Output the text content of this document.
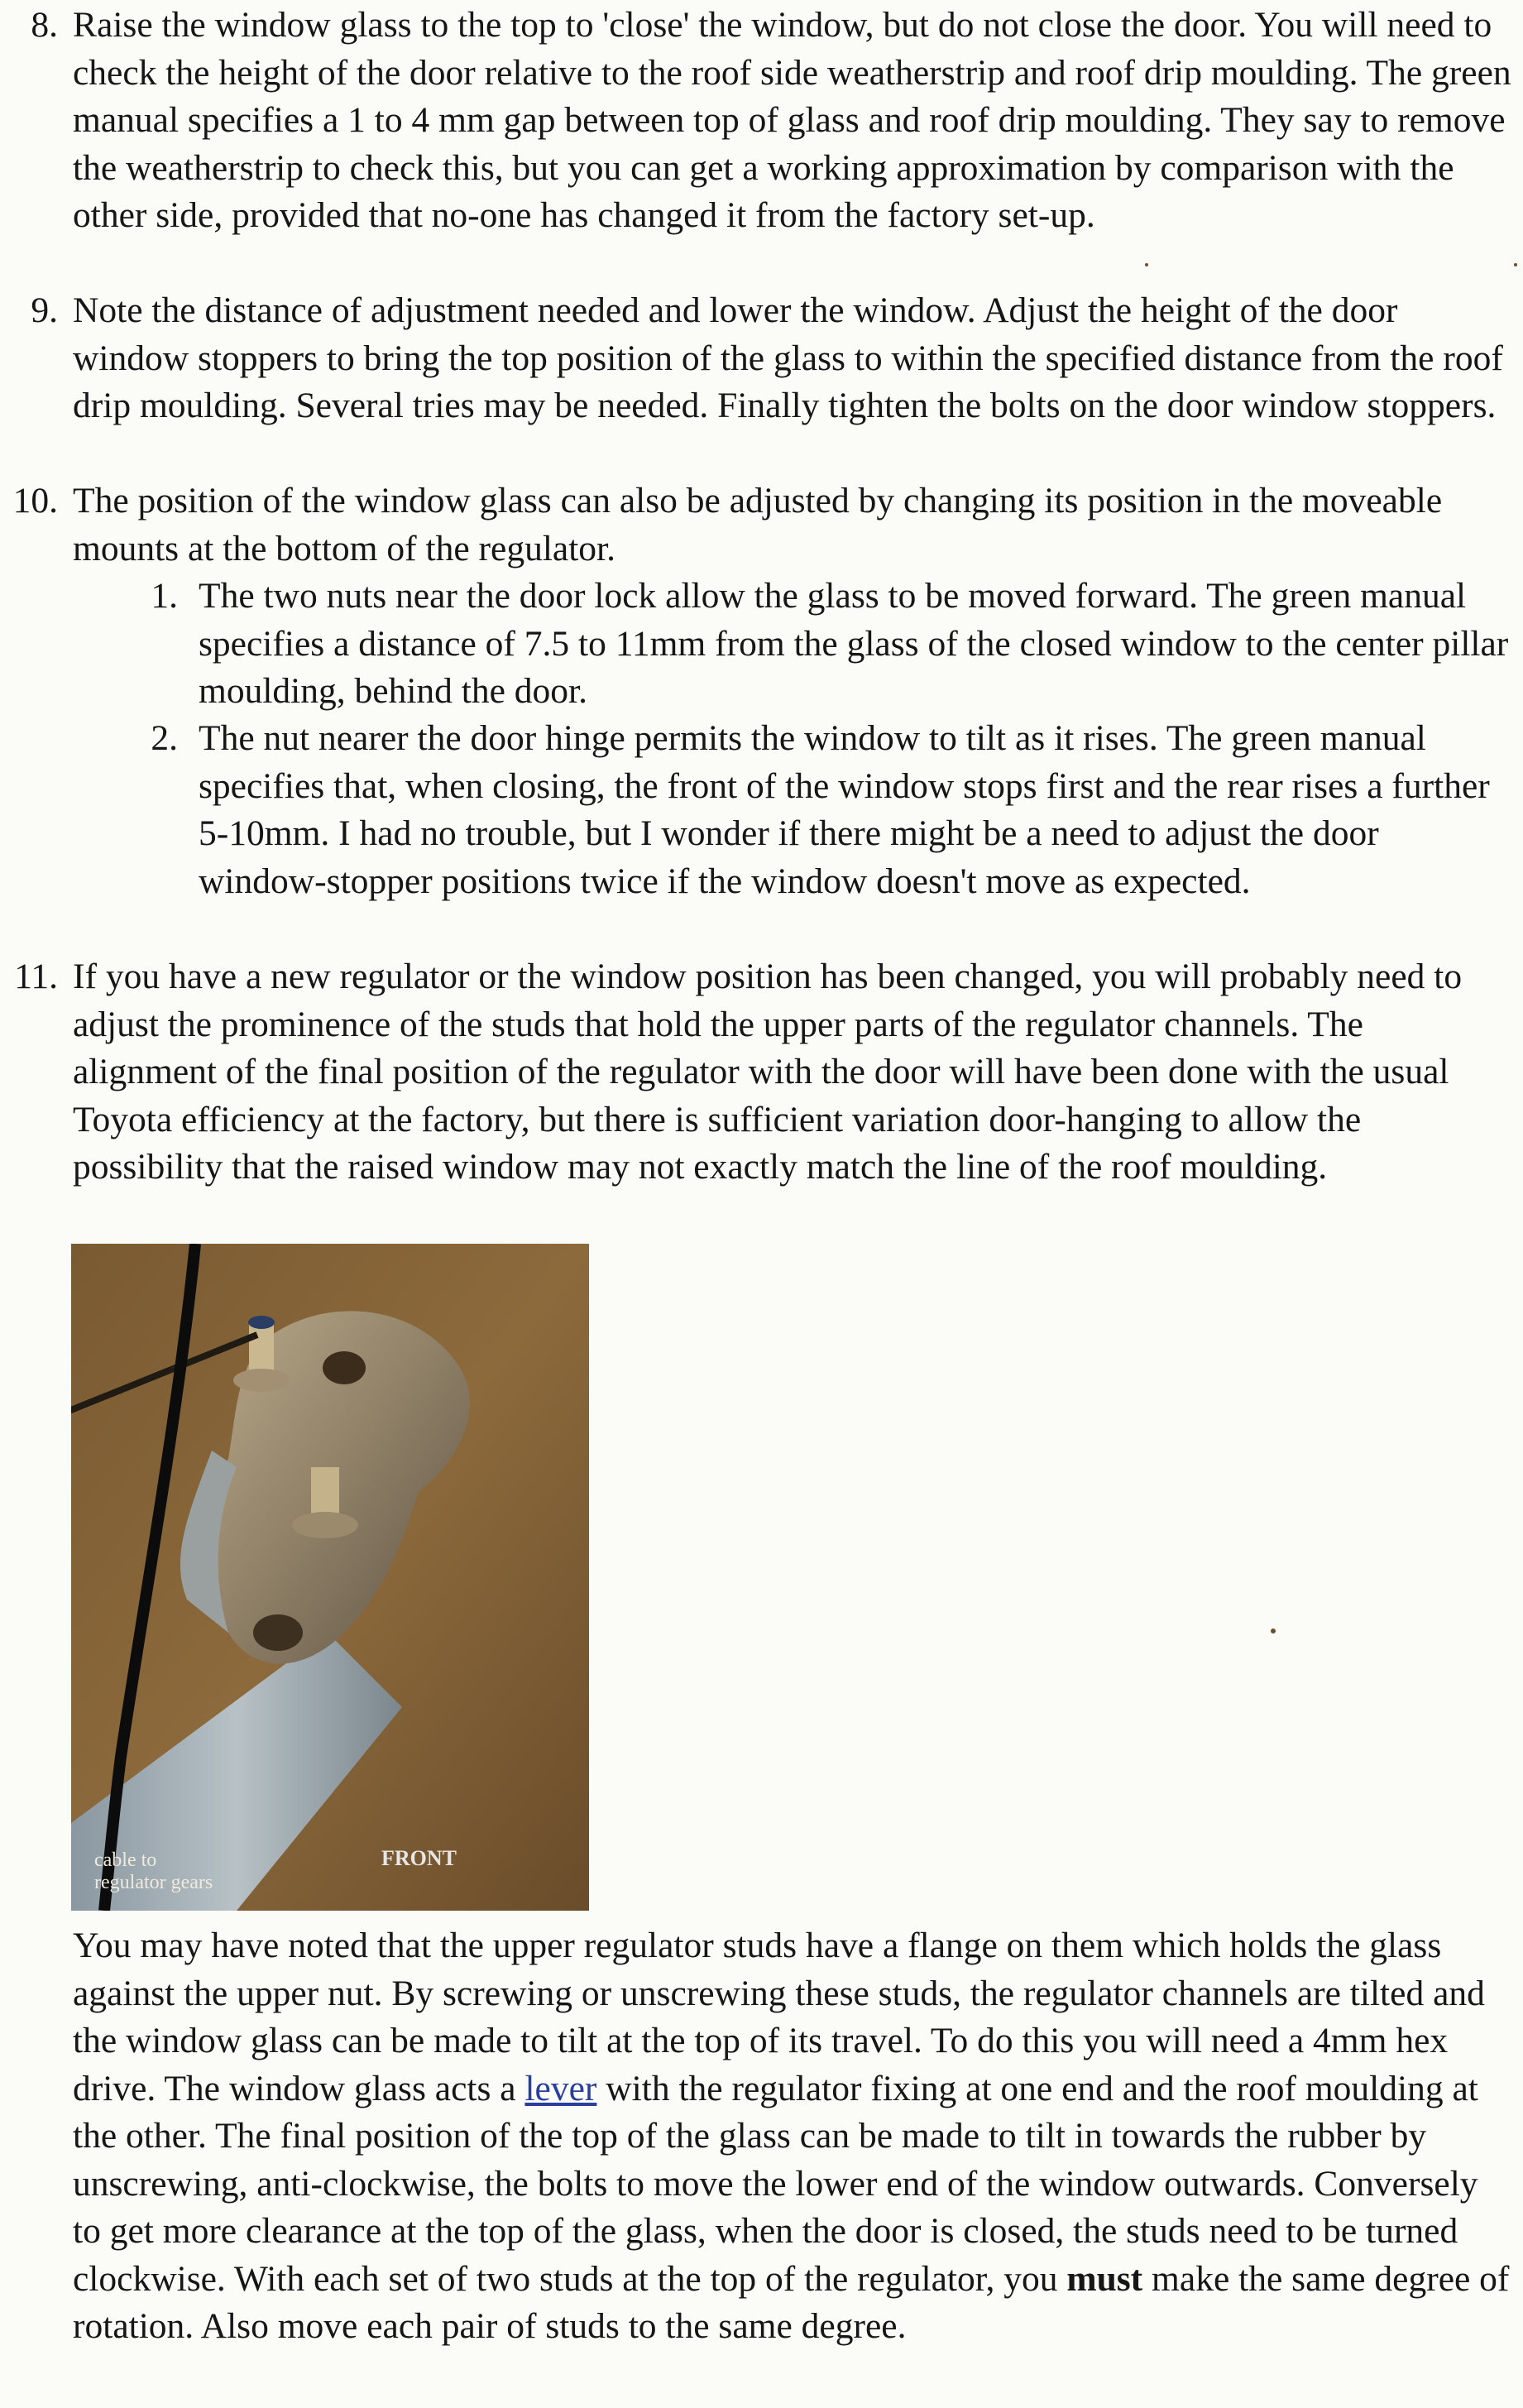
8. Raise the window glass to the top to 'close' the window, but do not close the door. You will need to check the height of the door relative to the roof side weatherstrip and roof drip moulding. The green manual specifies a 1 to 4 mm gap between top of glass and roof drip moulding. They say to remove the weatherstrip to check this, but you can get a working approximation by comparison with the other side, provided that no-one has changed it from the factory set-up.
9. Note the distance of adjustment needed and lower the window. Adjust the height of the door window stoppers to bring the top position of the glass to within the specified distance from the roof drip moulding. Several tries may be needed. Finally tighten the bolts on the door window stoppers.
10. The position of the window glass can also be adjusted by changing its position in the moveable mounts at the bottom of the regulator.
1. The two nuts near the door lock allow the glass to be moved forward. The green manual specifies a distance of 7.5 to 11mm from the glass of the closed window to the center pillar moulding, behind the door.
2. The nut nearer the door hinge permits the window to tilt as it rises. The green manual specifies that, when closing, the front of the window stops first and the rear rises a further 5-10mm. I had no trouble, but I wonder if there might be a need to adjust the door window-stopper positions twice if the window doesn't move as expected.
11. If you have a new regulator or the window position has been changed, you will probably need to adjust the prominence of the studs that hold the upper parts of the regulator channels. The alignment of the final position of the regulator with the door will have been done with the usual Toyota efficiency at the factory, but there is sufficient variation door-hanging to allow the possibility that the raised window may not exactly match the line of the roof moulding.
cable to
regulator gears
FRONT
You may have noted that the upper regulator studs have a flange on them which holds the glass against the upper nut. By screwing or unscrewing these studs, the regulator channels are tilted and the window glass can be made to tilt at the top of its travel. To do this you will need a 4mm hex drive. The window glass acts a lever with the regulator fixing at one end and the roof moulding at the other. The final position of the top of the glass can be made to tilt in towards the rubber by unscrewing, anti-clockwise, the bolts to move the lower end of the window outwards. Conversely to get more clearance at the top of the glass, when the door is closed, the studs need to be turned clockwise. With each set of two studs at the top of the regulator, you must make the same degree of rotation. Also move each pair of studs to the same degree.
